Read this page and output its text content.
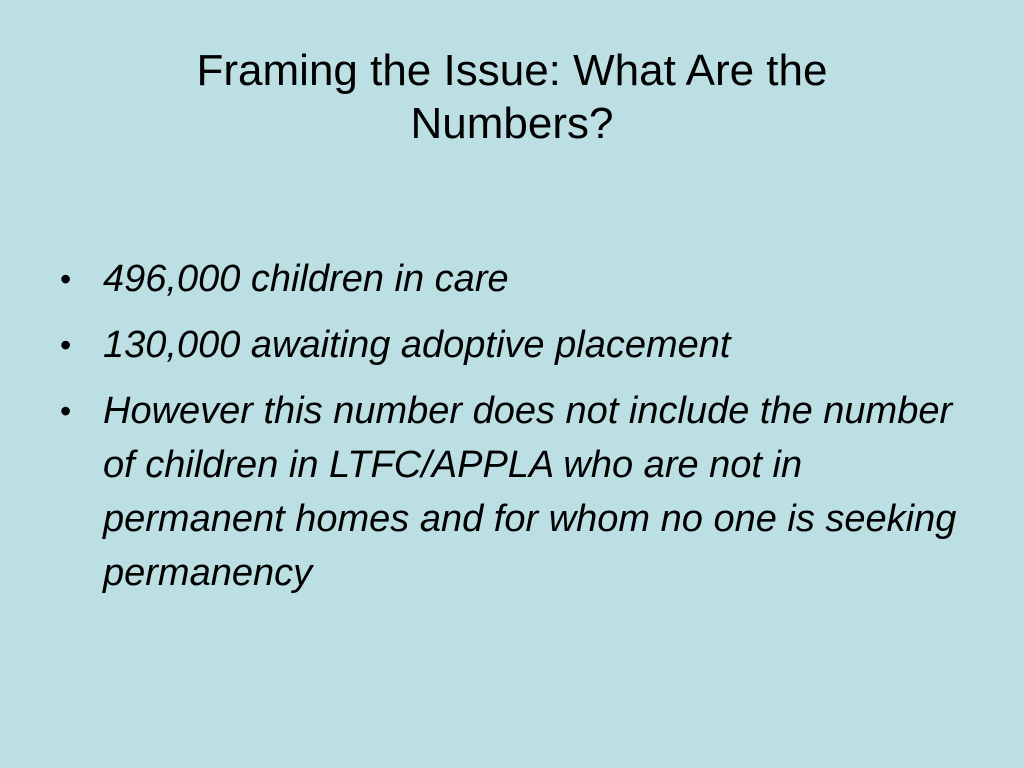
Framing the Issue: What Are the Numbers?
• 496,000 children in care
• 130,000 awaiting adoptive placement
• However this number does not include the number of children in LTFC/APPLA who are not in permanent homes and for whom no one is seeking permanency
